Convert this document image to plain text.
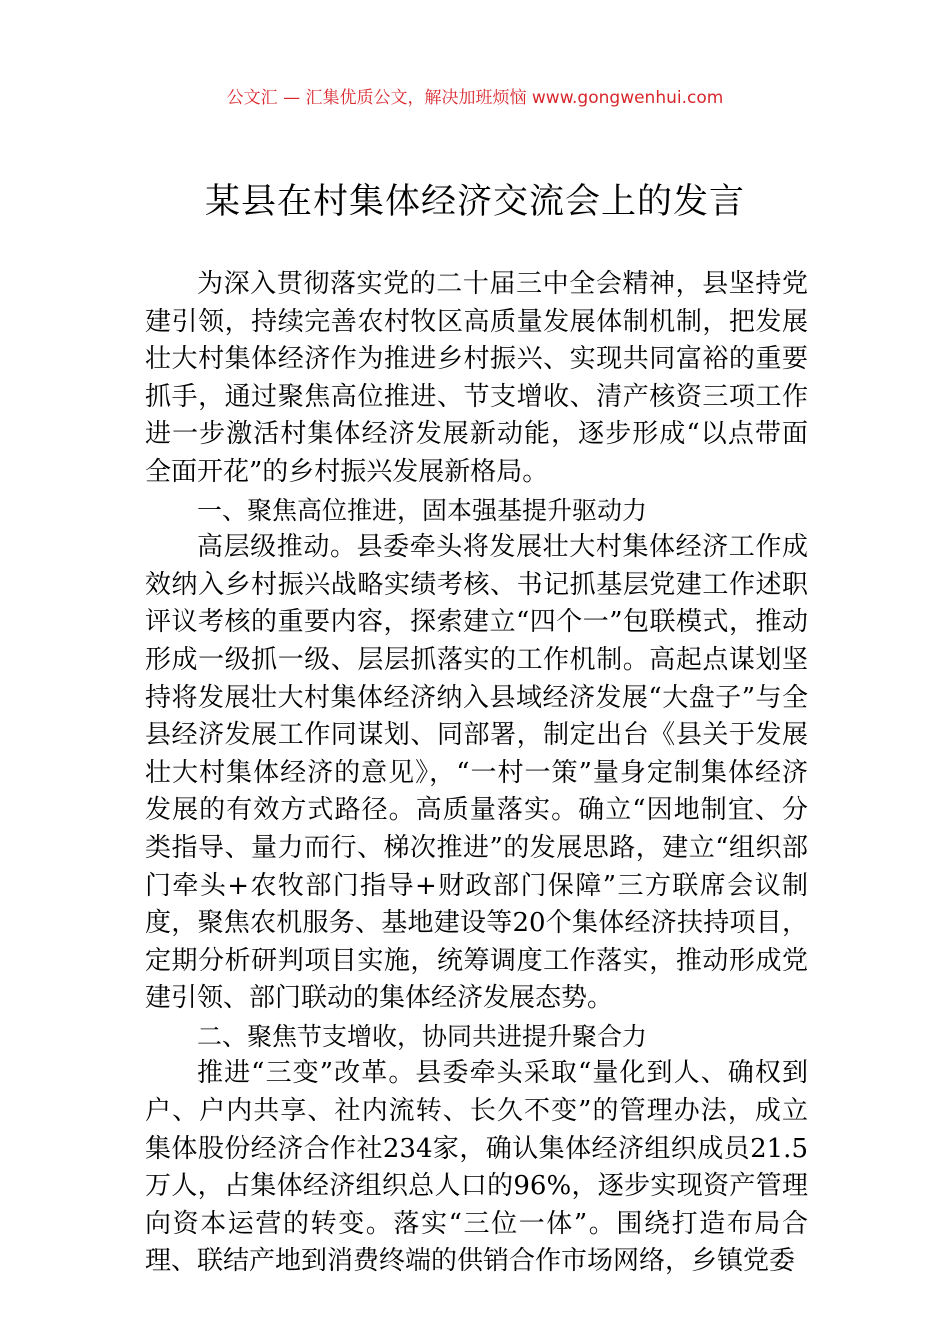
公文汇 — 汇集优质公文，解决加班烦恼 www.gongwenhui.com
某县在村集体经济交流会上的发言

为深入贯彻落实党的二十届三中全会精神，县坚持党建引领，持续完善农村牧区高质量发展体制机制，把发展壮大村集体经济作为推进乡村振兴、实现共同富裕的重要抓手，通过聚焦高位推进、节支增收、清产核资三项工作进一步激活村集体经济发展新动能，逐步形成“以点带面全面开花”的乡村振兴发展新格局。

一、聚焦高位推进，固本强基提升驱动力

高层级推动。县委牵头将发展壮大村集体经济工作成效纳入乡村振兴战略实绩考核、书记抓基层党建工作述职评议考核的重要内容，探索建立“四个一”包联模式，推动形成一级抓一级、层层抓落实的工作机制。高起点谋划坚持将发展壮大村集体经济纳入县域经济发展“大盘子”与全县经济发展工作同谋划、同部署，制定出台《县关于发展壮大村集体经济的意见》，“一村一策”量身定制集体经济发展的有效方式路径。高质量落实。确立“因地制宜、分类指导、量力而行、梯次推进”的发展思路，建立“组织部门牵头+农牧部门指导+财政部门保障”三方联席会议制度，聚焦农机服务、基地建设等20个集体经济扶持项目，定期分析研判项目实施，统筹调度工作落实，推动形成党建引领、部门联动的集体经济发展态势。

二、聚焦节支增收，协同共进提升聚合力

推进“三变”改革。县委牵头采取“量化到人、确权到户、户内共享、社内流转、长久不变”的管理办法，成立集体股份经济合作社234家，确认集体经济组织成员21.5万人，占集体经济组织总人口的96%，逐步实现资产管理向资本运营的转变。落实“三位一体”。围绕打造布局合理、联结产地到消费终端的供销合作市场网络，乡镇党委
